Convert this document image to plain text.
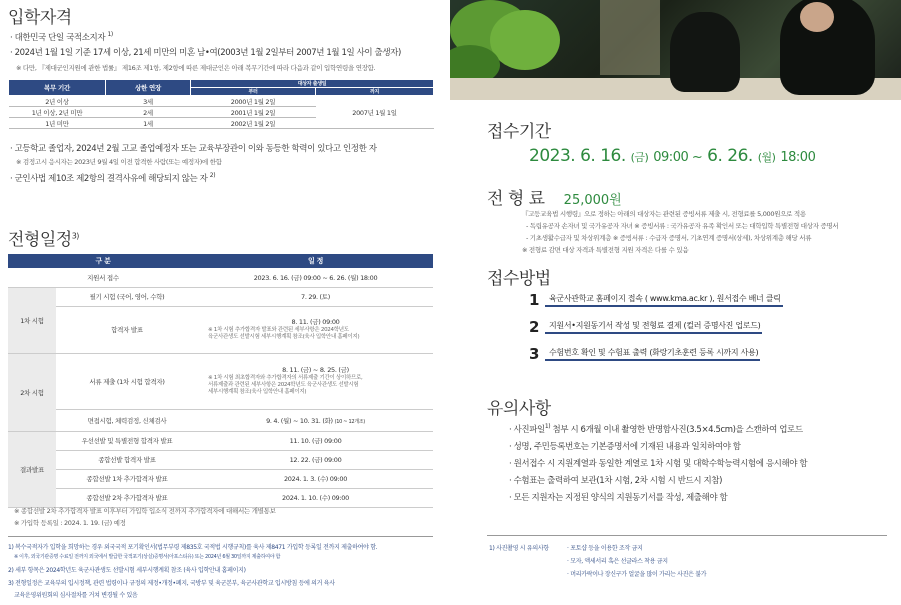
입학자격
· 대한민국 단일 국적소지자 $^{1)}$
· 2024년 1월 1일 기준 17세 이상, 21세 미만의 미혼 남•여(2003년 1월 2일부터 2007년 1월 1일 사이 출생자)
※ 다만, 『제대군인지원에 관한 법률』 제16조 제1항, 제2항에 따른 제대군인은 아래 복무기간에 따라 다음과 같이 입학연령을 연장함.
복무 기간	상한 연장	대상자 출생일	
		부터	까지
2년 이상	3세	2000년 1월 2일	2007년 1월 1일
1년 이상, 2년 미만	2세	2001년 1월 2일	
1년 미만	1세	2002년 1월 2일	
· 고등학교 졸업자, 2024년 2월 고교 졸업예정자 또는 교육부장관이 이와 동등한 학력이 있다고 인정한 자
※ 검정고시 응시자는 2023년 9월 4일 이전 합격한 사람(또는 예정자)에 한함
· 군인사법 제10조 제2항의 결격사유에 해당되지 않는 자 $^{2)}$
전형일정$^{3)}$
구 분		일 정
지원서 접수		2023. 6. 16. (금) 09:00 ~ 6. 26. (월) 18:00
1차 시험	필기 시험 (국어, 영어, 수학)	7. 29. (토)
	합격자 발표	8. 11. (금) 09:00
※ 1차 시험 추가합격자 발표와 관련된 세부사항은 2024학년도
육군사관생도 선발시험 세부시행계획 참조(육사 입학안내 홈페이지)

2차 시험	서류 제출 (1차 시험 합격자)	8. 11. (금) ~ 8. 25. (금)
※ 1차 시험 최초합격자와 추가합격자의 서류제출 기간이 상이하므로,
서류제출과 관련된 세부사항은 2024학년도 육군사관생도 선발시험
세부시행계획 참조(육사 입학안내 홈페이지)

	면접시험, 체력검정, 신체검사	9. 4. (월) ~ 10. 31. (화) (10 ~ 12개조)
결과발표	우선선발 및 특별전형 합격자 발표	11. 10. (금) 09:00
	종합선발 합격자 발표	12. 22. (금) 09:00
	종합선발 1차 추가합격자 발표	2024. 1. 3. (수) 09:00
	종합선발 2차 추가합격자 발표	2024. 1. 10. (수) 09:00
※ 종합선발 2차 추가합격자 발표 이후부터 가입학 입소식 전까지 추가합격자에 대해서는 개별통보
※ 가입학 등록일 : 2024. 1. 19. (금) 예정
1) 복수국적자가 입학을 희망하는 경우 외국국적 포기확인서(법무부령 제835호 국적법 시행규칙)를 육사 제8471 가입학 등록일 전까지 제출하여야 함.
※ 이후, 외국기관증명 수료일 전까지 외국에서 발급한 국적포기(상실)증명서(아포스티유) 또는 2024년 6월 30일까지 제출하여야 함
2) 세부 항목은 2024학년도 육군사관생도 선발시험 세부시행계획 참조 (육사 입학안내 홈페이지)
3) 전형일정은 교육부의 입시정책, 관련 법령이나 규정의 제정•개정•폐지, 국방부 및 육군본부, 육군사관학교 입시방침 등에 의거 육사
교육운영위원회의 심사절차를 거쳐 변경될 수 있음
접수기간
2023. 6. 16. (금) 09:00 ~ 6. 26. (월) 18:00
전 형 료 25,000원
『고등교육법 시행령』으로 정하는 아래의 대상자는 관련된 증빙서류 제출 시, 전형료를 5,000원으로 적용
- 독립유공자 손자녀 및 국가유공자 자녀 ※ 증빙서류 : 국가유공자 유족 확인서 또는 대학입학 특별전형 대상자 증명서
- 기초생활수급자 및 차상위계층 ※ 증빙서류 : 수급자 증명서, 기초연계 증명서(상세), 차상위계층 해당 서류
※ 전형료 감면 대상 자격과 특별전형 지원 자격은 다를 수 있음
접수방법
1	육군사관학교 홈페이지 접속 ( www.kma.ac.kr ), 원서접수 배너 클릭
2	지원서•지원동기서 작성 및 전형료 결제 (컬러 증명사진 업로드)
3	수험번호 확인 및 수험표 출력 (화랑기초훈련 등록 시까지 사용)
유의사항
· 사진파일$^{1)}$ 첨부 시 6개월 이내 촬영한 반명함사진(3.5×4.5cm)을 스캔하여 업로드
· 성명, 주민등록번호는 기본증명서에 기재된 내용과 일치하여야 함
· 원서접수 시 지원계열과 동일한 계열로 1차 시험 및 대학수학능력시험에 응시해야 함
· 수험표는 출력하여 보관(1차 시험, 2차 시험 시 반드시 지참)
· 모든 지원자는 지정된 양식의 지원동기서를 작성, 제출해야 함
1) 사진촬영 시 유의사항	· 포토샵 등을 이용한 조작 금지
· 모자, 액세서리 혹은 선글라스 착용 금지
· 머리카락이나 장신구가 얼굴을 많이 가리는 사진은 불가
